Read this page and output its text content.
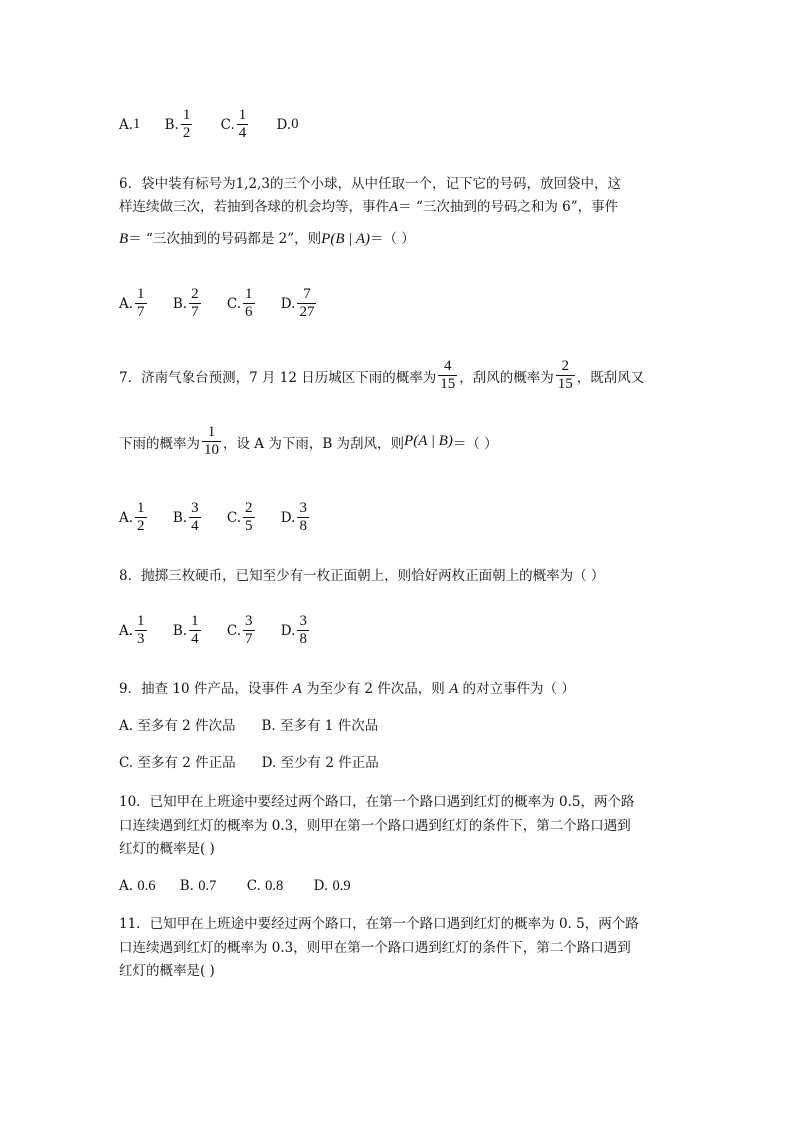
A. 1
B. $\frac{1}{2}$
C. $\frac{1}{4}$
D. 0
6．袋中装有标号为1,2,3的三个小球，从中任取一个，记下它的号码，放回袋中，这
样连续做三次，若抽到各球的机会均等，事件A＝ “三次抽到的号码之和为 6”，事件
B＝ “三次抽到的号码都是 2”，则P(B | A)＝（ ）
A. $\frac{1}{7}$
B. $\frac{2}{7}$
C. $\frac{1}{6}$
D. $\frac{7}{27}$
7．济南气象台预测，7 月 12 日历城区下雨的概率为 $\frac{4}{15}$ ，刮风的概率为 $\frac{2}{15}$ ，既刮风又
下雨的概率为 $\frac{1}{10}$ ，设 A 为下雨，B 为刮风，则 P(A | B) ＝（ ）
A. $\frac{1}{2}$
B. $\frac{3}{4}$
C. $\frac{2}{5}$
D. $\frac{3}{8}$
8．抛掷三枚硬币，已知至少有一枚正面朝上，则恰好两枚正面朝上的概率为（ ）
A. $\frac{1}{3}$
B. $\frac{1}{4}$
C. $\frac{3}{7}$
D. $\frac{3}{8}$
9．抽查 10 件产品，设事件 A 为至少有 2 件次品，则 A 的对立事件为（ ）
A. 至多有 2 件次品 B. 至多有 1 件次品
C. 至多有 2 件正品 D. 至少有 2 件正品
10．已知甲在上班途中要经过两个路口，在第一个路口遇到红灯的概率为 0.5，两个路
口连续遇到红灯的概率为 0.3，则甲在第一个路口遇到红灯的条件下，第二个路口遇到
红灯的概率是( )
A. 0.6 B. 0.7 C. 0.8 D. 0.9
11．已知甲在上班途中要经过两个路口，在第一个路口遇到红灯的概率为 0. 5，两个路
口连续遇到红灯的概率为 0.3，则甲在第一个路口遇到红灯的条件下，第二个路口遇到
红灯的概率是( )
